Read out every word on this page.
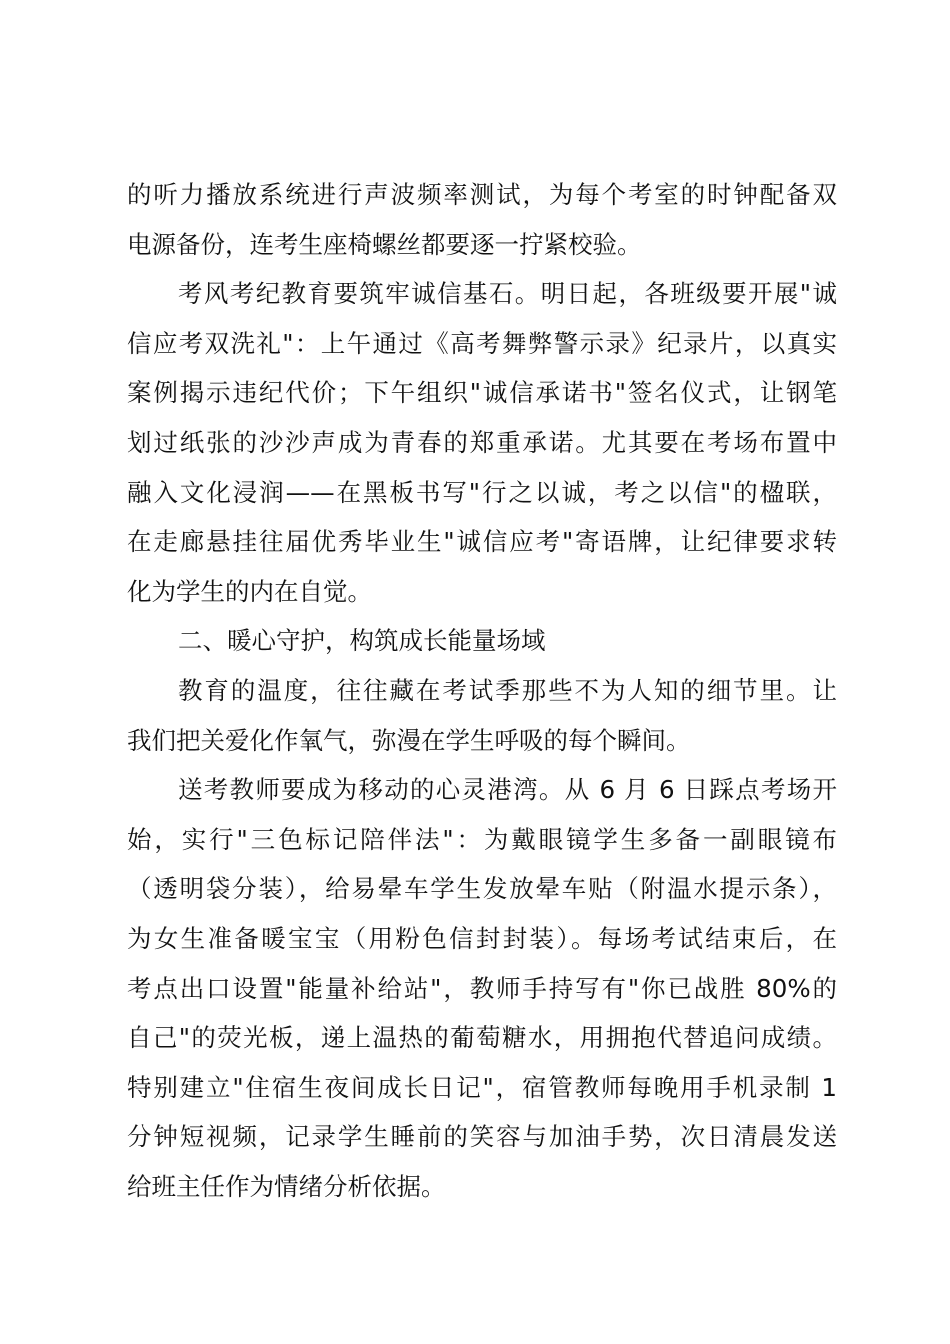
的听力播放系统进行声波频率测试，为每个考室的时钟配备双
电源备份，连考生座椅螺丝都要逐一拧紧校验。
考风考纪教育要筑牢诚信基石。明日起，各班级要开展"诚
信应考双洗礼"：上午通过《高考舞弊警示录》纪录片，以真实
案例揭示违纪代价；下午组织"诚信承诺书"签名仪式，让钢笔
划过纸张的沙沙声成为青春的郑重承诺。尤其要在考场布置中
融入文化浸润——在黑板书写"行之以诚，考之以信"的楹联，
在走廊悬挂往届优秀毕业生"诚信应考"寄语牌，让纪律要求转
化为学生的内在自觉。
二、暖心守护，构筑成长能量场域
教育的温度，往往藏在考试季那些不为人知的细节里。让
我们把关爱化作氧气，弥漫在学生呼吸的每个瞬间。
送考教师要成为移动的心灵港湾。从 6 月 6 日踩点考场开
始，实行"三色标记陪伴法"：为戴眼镜学生多备一副眼镜布
（透明袋分装），给易晕车学生发放晕车贴（附温水提示条），
为女生准备暖宝宝（用粉色信封封装）。每场考试结束后，在
考点出口设置"能量补给站"，教师手持写有"你已战胜 80%的
自己"的荧光板，递上温热的葡萄糖水，用拥抱代替追问成绩。
特别建立"住宿生夜间成长日记"，宿管教师每晚用手机录制 1
分钟短视频，记录学生睡前的笑容与加油手势，次日清晨发送
给班主任作为情绪分析依据。
